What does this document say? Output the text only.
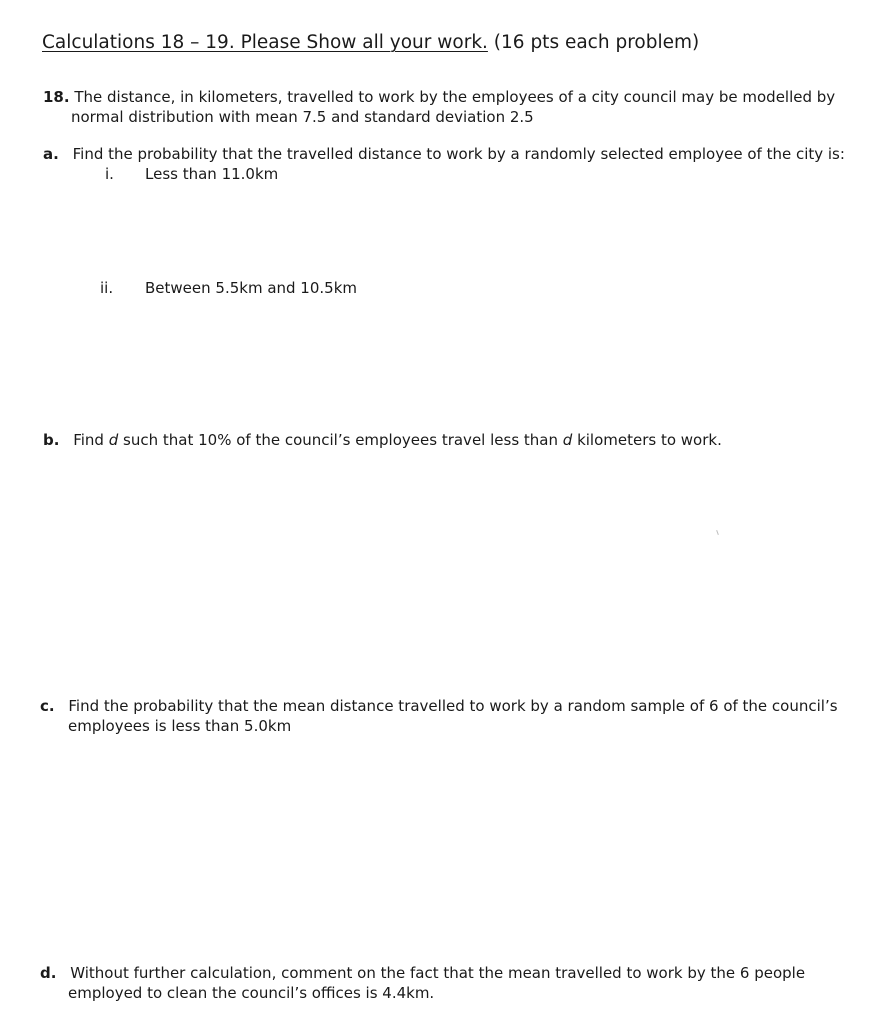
Calculations 18 – 19. Please Show all your work. (16 pts each problem)
18. The distance, in kilometers, travelled to work by the employees of a city council may be modelled by
normal distribution with mean 7.5 and standard deviation 2.5
a. Find the probability that the travelled distance to work by a randomly selected employee of the city is:
i. Less than 11.0km
ii. Between 5.5km and 10.5km
b. Find d such that 10% of the council’s employees travel less than d kilometers to work.
c. Find the probability that the mean distance travelled to work by a random sample of 6 of the council’s
employees is less than 5.0km
d. Without further calculation, comment on the fact that the mean travelled to work by the 6 people
employed to clean the council’s offices is 4.4km.
